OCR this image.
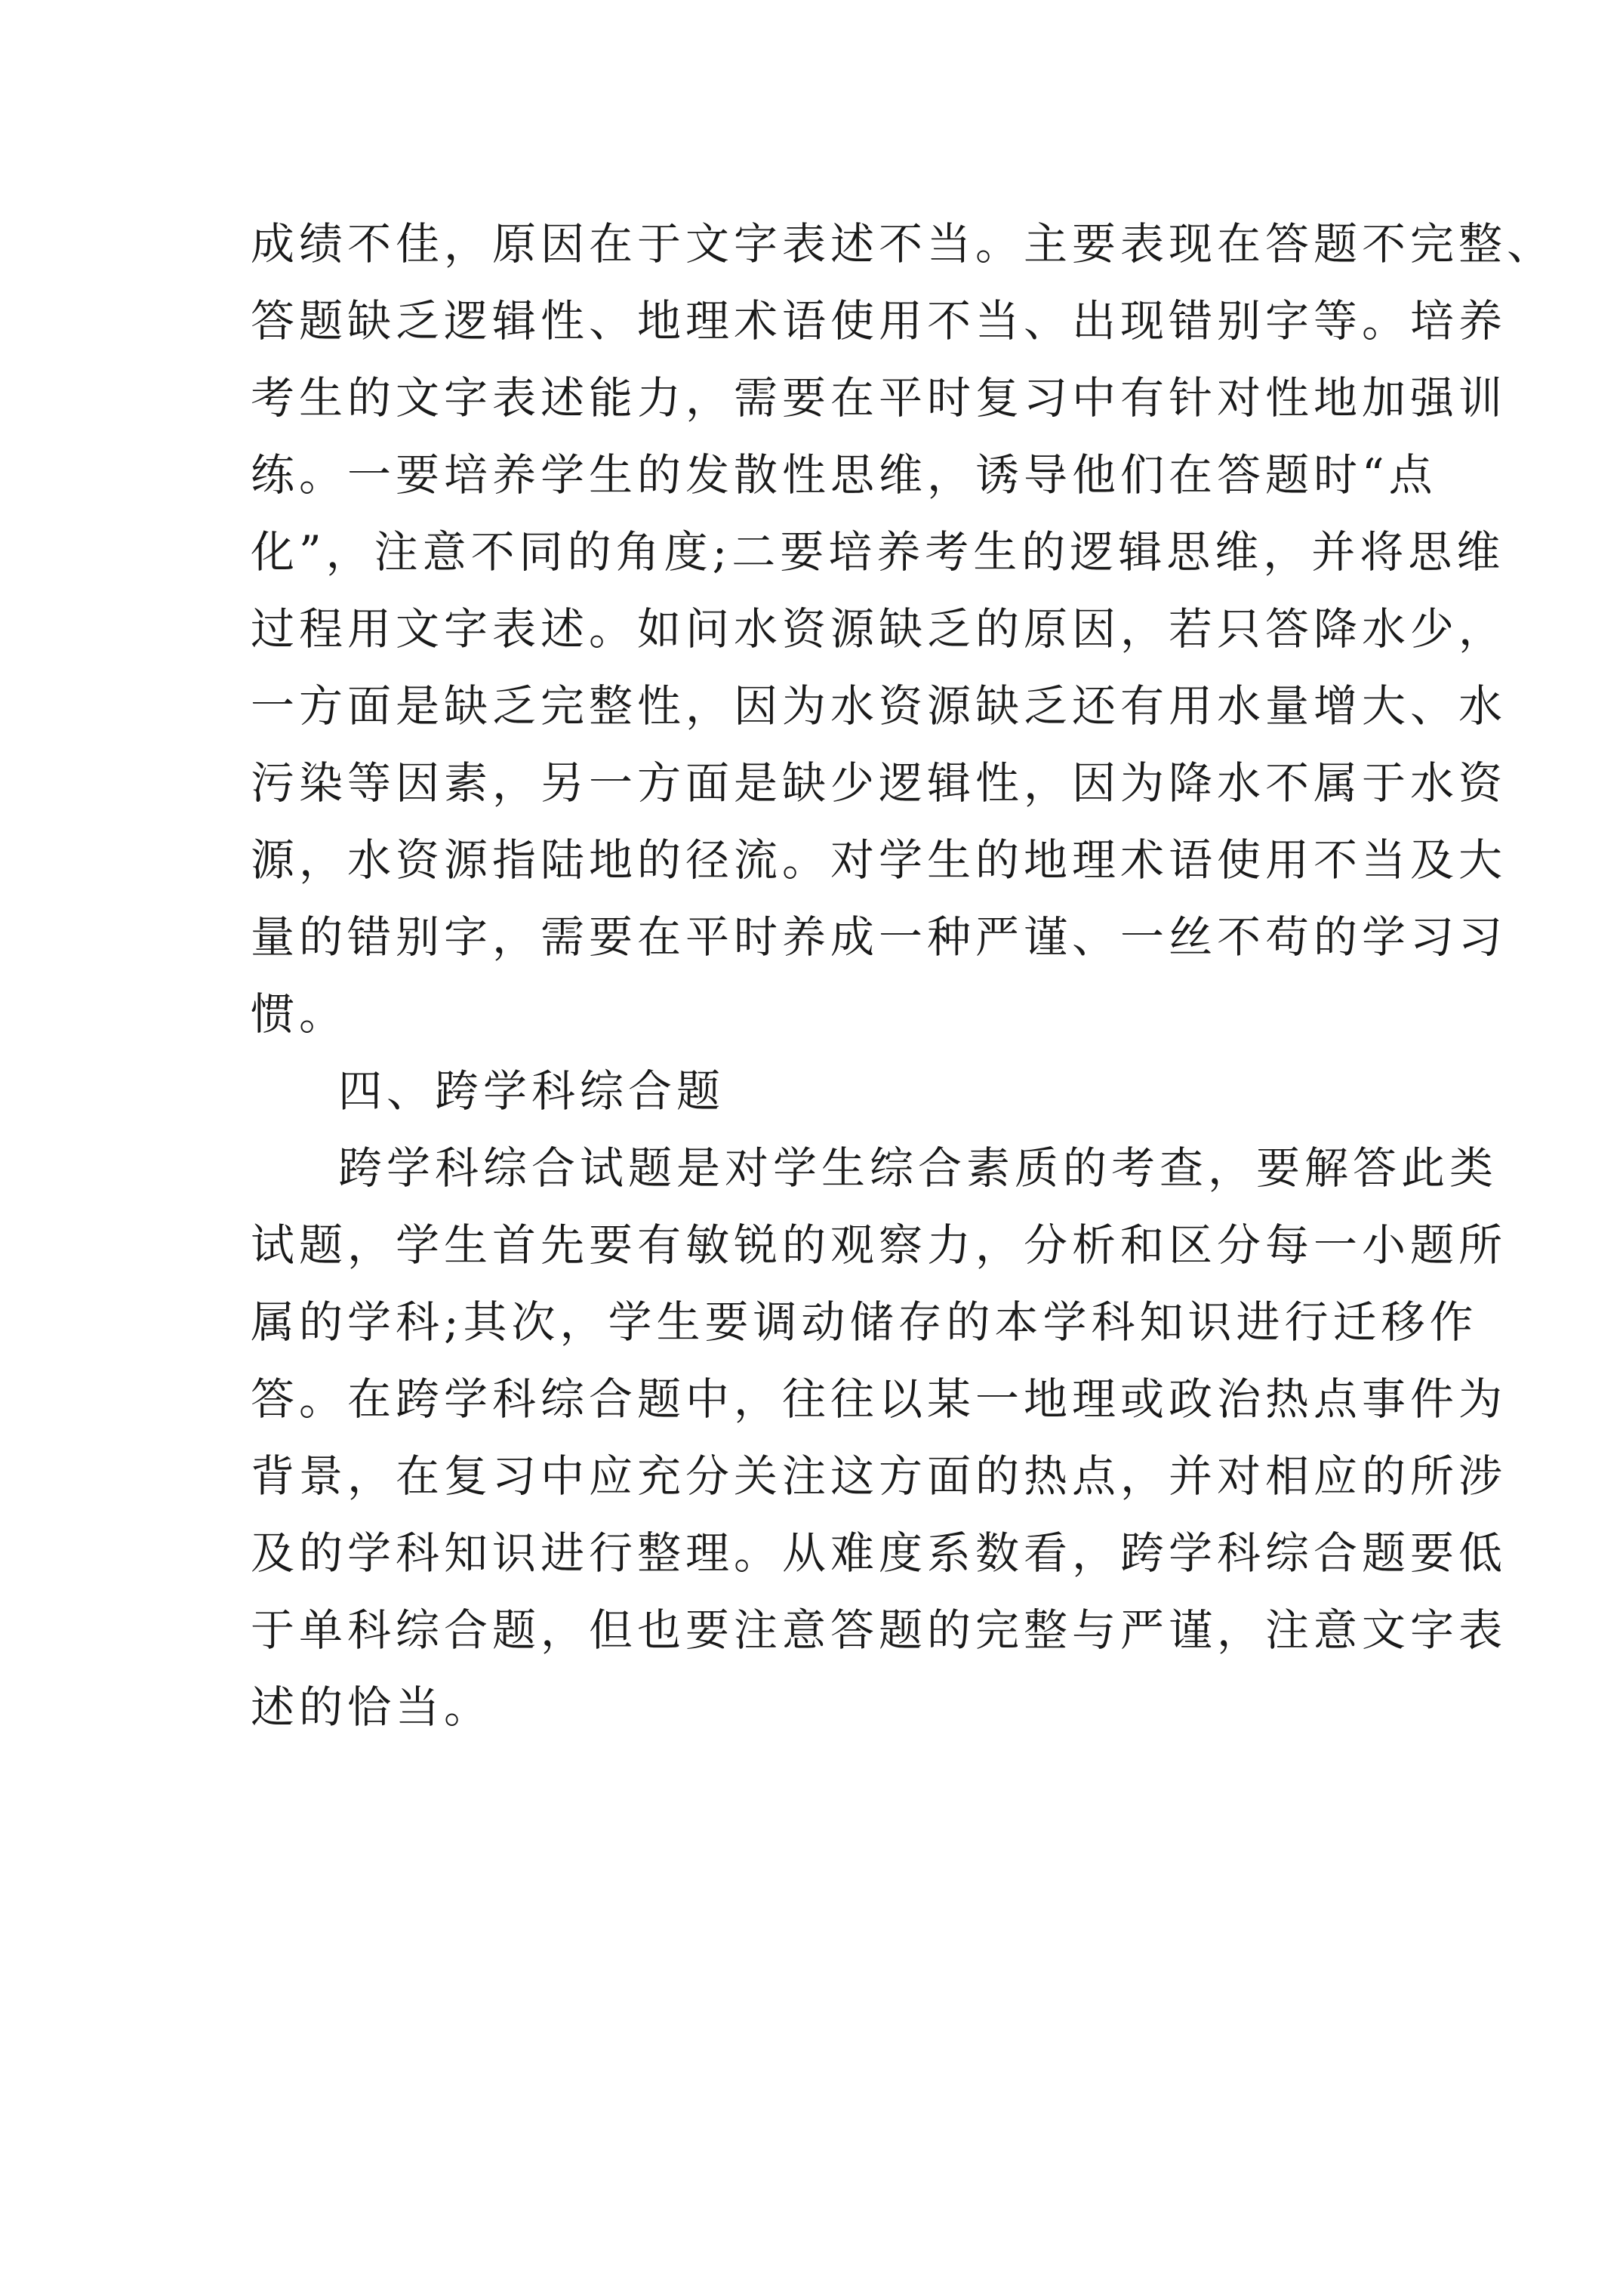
成绩不佳，原因在于文字表述不当。主要表现在答题不完整、
答题缺乏逻辑性、地理术语使用不当、出现错别字等。培养
考生的文字表述能力，需要在平时复习中有针对性地加强训
练。一要培养学生的发散性思维，诱导他们在答题时“点
化”，注意不同的角度;二要培养考生的逻辑思维，并将思维
过程用文字表述。如问水资源缺乏的原因，若只答降水少，
一方面是缺乏完整性，因为水资源缺乏还有用水量增大、水
污染等因素，另一方面是缺少逻辑性，因为降水不属于水资
源，水资源指陆地的径流。对学生的地理术语使用不当及大
量的错别字，需要在平时养成一种严谨、一丝不苟的学习习
惯。
四、跨学科综合题
跨学科综合试题是对学生综合素质的考查，要解答此类
试题，学生首先要有敏锐的观察力，分析和区分每一小题所
属的学科;其次，学生要调动储存的本学科知识进行迁移作
答。在跨学科综合题中，往往以某一地理或政治热点事件为
背景，在复习中应充分关注这方面的热点，并对相应的所涉
及的学科知识进行整理。从难度系数看，跨学科综合题要低
于单科综合题，但也要注意答题的完整与严谨，注意文字表
述的恰当。
